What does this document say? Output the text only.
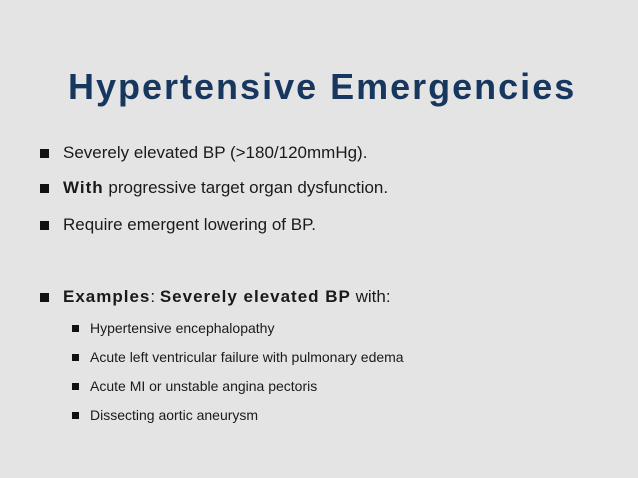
Hypertensive Emergencies
Severely elevated BP (>180/120mmHg).
With progressive target organ dysfunction.
Require emergent lowering of BP.
Examples : Severely elevated BP with:
Hypertensive encephalopathy
Acute left ventricular failure with pulmonary edema
Acute MI or unstable angina pectoris
Dissecting aortic aneurysm
